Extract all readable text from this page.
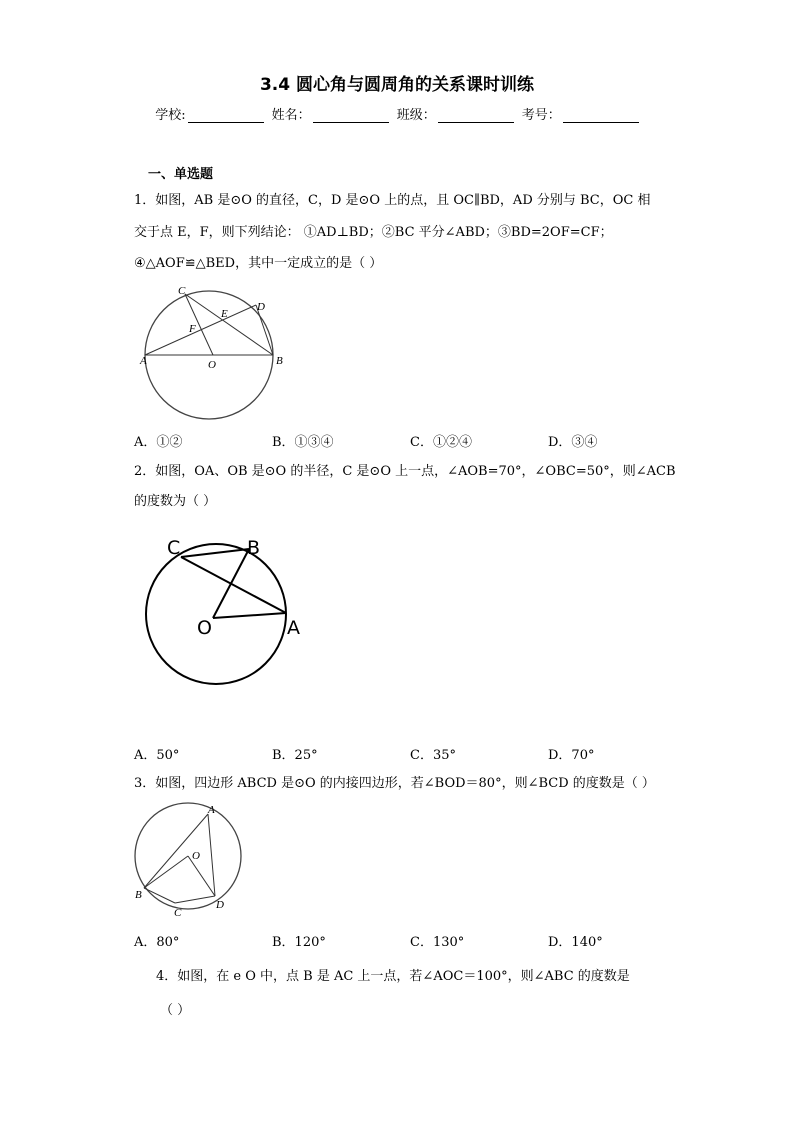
3.4 圆心角与圆周角的关系课时训练
学校:	姓名：	班级：	考号：
一、单选题
1．如图，AB 是⊙O 的直径，C，D 是⊙O 上的点，且 OC∥BD，AD 分别与 BC，OC 相
交于点 E，F，则下列结论： ①AD⊥BD；②BC 平分∠ABD；③BD=2OF=CF；
④△AOF≌△BED，其中一定成立的是（ ）
C
D
E
F
A	O	B
A．①②	B．①③④	C．①②④	D．③④
2．如图，OA、OB 是⊙O 的半径，C 是⊙O 上一点，∠AOB=70°，∠OBC=50°，则∠ACB
的度数为（ ）
C	B
O	A
A．50°	B．25°	C．35°	D．70°
3．如图，四边形 ABCD 是⊙O 的内接四边形，若∠BOD＝80°，则∠BCD 的度数是（ ）
A
O
B
C
D
A．80°	B．120°	C．130°	D．140°
4．如图，在 e O 中，点 B 是 AC 上一点，若∠AOC＝100°，则∠ABC 的度数是
（ ）
